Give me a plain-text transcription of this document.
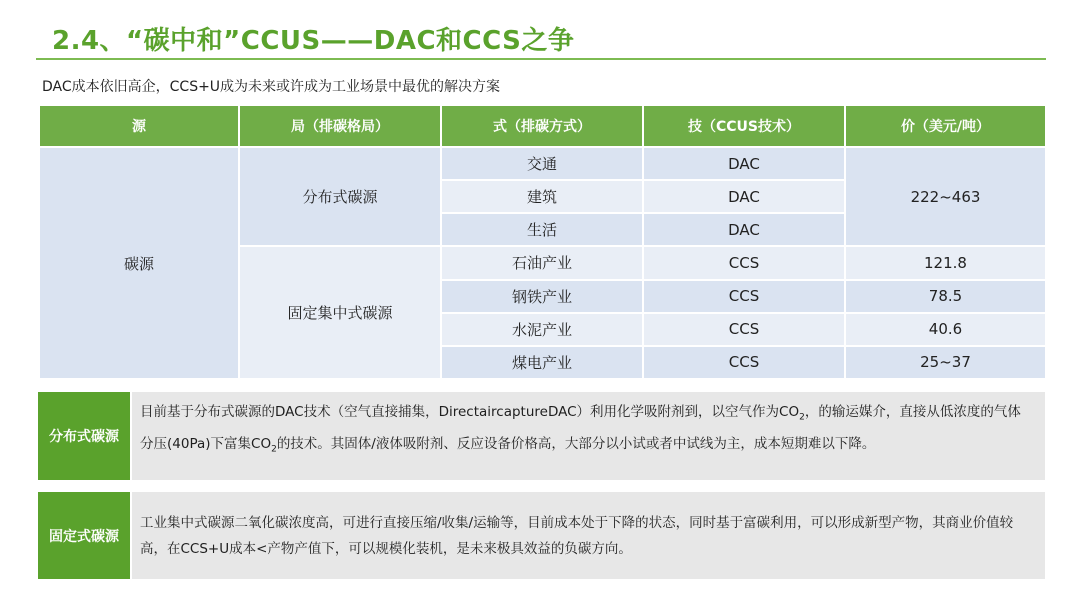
2.4、“碳中和”CCUS——DAC和CCS之争
DAC成本依旧高企，CCS+U成为未来或许成为工业场景中最优的解决方案
源	局（排碳格局）	式（排碳方式）	技（CCUS技术）	价（美元/吨）
碳源	分布式碳源	交通	DAC	222~463
		建筑	DAC	
		生活	DAC	
	固定集中式碳源	石油产业	CCS	121.8
		钢铁产业	CCS	78.5
		水泥产业	CCS	40.6
		煤电产业	CCS	25~37
分布式碳源
目前基于分布式碳源的DAC技术（空气直接捕集，DirectaircaptureDAC）利用化学吸附剂到，以空气作为$CO_2$，的输运媒介，直接从低浓度的气体分压(40Pa)下富集$CO_2$的技术。其固体/液体吸附剂、反应设备价格高，大部分以小试或者中试线为主，成本短期难以下降。
固定式碳源
工业集中式碳源二氧化碳浓度高，可进行直接压缩/收集/运输等，目前成本处于下降的状态，同时基于富碳利用，可以形成新型产物，其商业价值较高，在CCS+U成本<产物产值下，可以规模化装机，是未来极具效益的负碳方向。
